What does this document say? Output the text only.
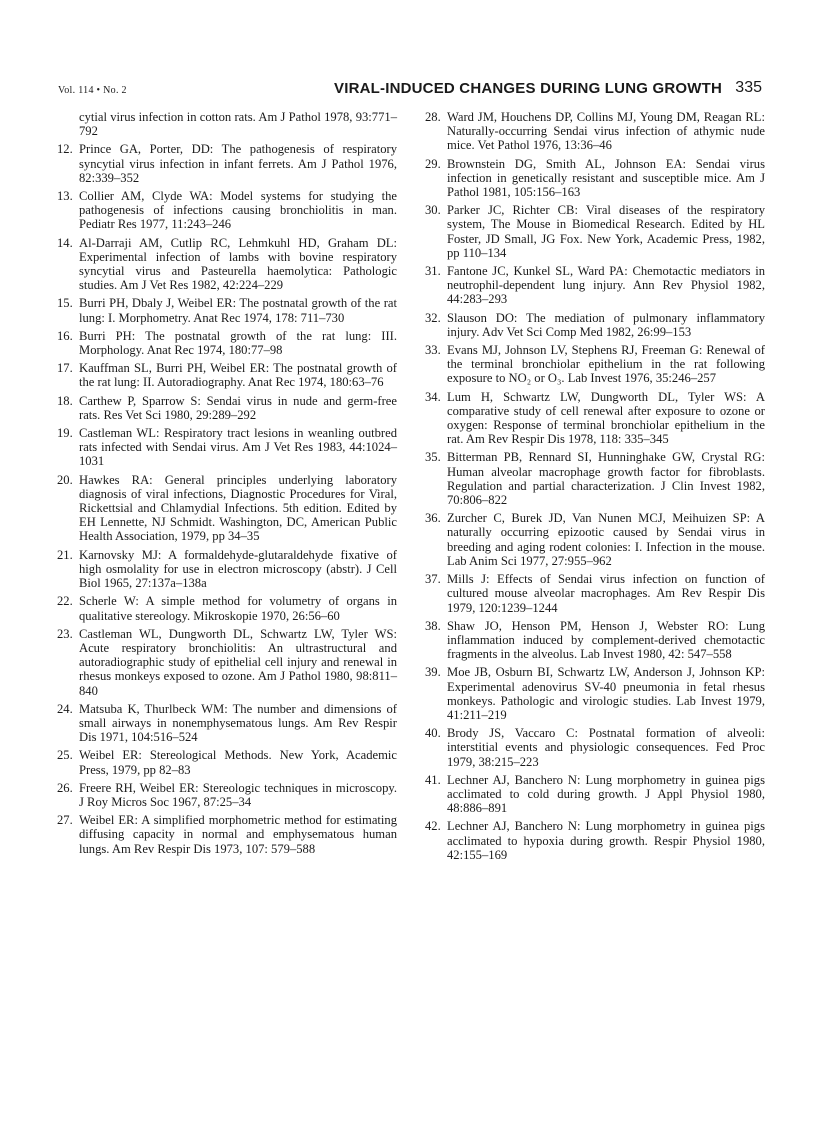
Vol. 114 • No. 2	VIRAL-INDUCED CHANGES DURING LUNG GROWTH 335
cytial virus infection in cotton rats. Am J Pathol 1978, 93:771–792
12. Prince GA, Porter, DD: The pathogenesis of respiratory syncytial virus infection in infant ferrets. Am J Pathol 1976, 82:339–352
13. Collier AM, Clyde WA: Model systems for studying the pathogenesis of infections causing bronchiolitis in man. Pediatr Res 1977, 11:243–246
14. Al-Darraji AM, Cutlip RC, Lehmkuhl HD, Graham DL: Experimental infection of lambs with bovine respiratory syncytial virus and Pasteurella haemolytica: Pathologic studies. Am J Vet Res 1982, 42:224–229
15. Burri PH, Dbaly J, Weibel ER: The postnatal growth of the rat lung: I. Morphometry. Anat Rec 1974, 178: 711–730
16. Burri PH: The postnatal growth of the rat lung: III. Morphology. Anat Rec 1974, 180:77–98
17. Kauffman SL, Burri PH, Weibel ER: The postnatal growth of the rat lung: II. Autoradiography. Anat Rec 1974, 180:63–76
18. Carthew P, Sparrow S: Sendai virus in nude and germ-free rats. Res Vet Sci 1980, 29:289–292
19. Castleman WL: Respiratory tract lesions in weanling outbred rats infected with Sendai virus. Am J Vet Res 1983, 44:1024–1031
20. Hawkes RA: General principles underlying laboratory diagnosis of viral infections, Diagnostic Procedures for Viral, Rickettsial and Chlamydial Infections. 5th edition. Edited by EH Lennette, NJ Schmidt. Washington, DC, American Public Health Association, 1979, pp 34–35
21. Karnovsky MJ: A formaldehyde-glutaraldehyde fixative of high osmolality for use in electron microscopy (abstr). J Cell Biol 1965, 27:137a–138a
22. Scherle W: A simple method for volumetry of organs in qualitative stereology. Mikroskopie 1970, 26:56–60
23. Castleman WL, Dungworth DL, Schwartz LW, Tyler WS: Acute respiratory bronchiolitis: An ultrastructural and autoradiographic study of epithelial cell injury and renewal in rhesus monkeys exposed to ozone. Am J Pathol 1980, 98:811–840
24. Matsuba K, Thurlbeck WM: The number and dimensions of small airways in nonemphysematous lungs. Am Rev Respir Dis 1971, 104:516–524
25. Weibel ER: Stereological Methods. New York, Academic Press, 1979, pp 82–83
26. Freere RH, Weibel ER: Stereologic techniques in microscopy. J Roy Micros Soc 1967, 87:25–34
27. Weibel ER: A simplified morphometric method for estimating diffusing capacity in normal and emphysematous human lungs. Am Rev Respir Dis 1973, 107: 579–588
28. Ward JM, Houchens DP, Collins MJ, Young DM, Reagan RL: Naturally-occurring Sendai virus infection of athymic nude mice. Vet Pathol 1976, 13:36–46
29. Brownstein DG, Smith AL, Johnson EA: Sendai virus infection in genetically resistant and susceptible mice. Am J Pathol 1981, 105:156–163
30. Parker JC, Richter CB: Viral diseases of the respiratory system, The Mouse in Biomedical Research. Edited by HL Foster, JD Small, JG Fox. New York, Academic Press, 1982, pp 110–134
31. Fantone JC, Kunkel SL, Ward PA: Chemotactic mediators in neutrophil-dependent lung injury. Ann Rev Physiol 1982, 44:283–293
32. Slauson DO: The mediation of pulmonary inflammatory injury. Adv Vet Sci Comp Med 1982, 26:99–153
33. Evans MJ, Johnson LV, Stephens RJ, Freeman G: Renewal of the terminal bronchiolar epithelium in the rat following exposure to NO₂ or O₃. Lab Invest 1976, 35:246–257
34. Lum H, Schwartz LW, Dungworth DL, Tyler WS: A comparative study of cell renewal after exposure to ozone or oxygen: Response of terminal bronchiolar epithelium in the rat. Am Rev Respir Dis 1978, 118: 335–345
35. Bitterman PB, Rennard SI, Hunninghake GW, Crystal RG: Human alveolar macrophage growth factor for fibroblasts. Regulation and partial characterization. J Clin Invest 1982, 70:806–822
36. Zurcher C, Burek JD, Van Nunen MCJ, Meihuizen SP: A naturally occurring epizootic caused by Sendai virus in breeding and aging rodent colonies: I. Infection in the mouse. Lab Anim Sci 1977, 27:955–962
37. Mills J: Effects of Sendai virus infection on function of cultured mouse alveolar macrophages. Am Rev Respir Dis 1979, 120:1239–1244
38. Shaw JO, Henson PM, Henson J, Webster RO: Lung inflammation induced by complement-derived chemotactic fragments in the alveolus. Lab Invest 1980, 42: 547–558
39. Moe JB, Osburn BI, Schwartz LW, Anderson J, Johnson KP: Experimental adenovirus SV-40 pneumonia in fetal rhesus monkeys. Pathologic and virologic studies. Lab Invest 1979, 41:211–219
40. Brody JS, Vaccaro C: Postnatal formation of alveoli: interstitial events and physiologic consequences. Fed Proc 1979, 38:215–223
41. Lechner AJ, Banchero N: Lung morphometry in guinea pigs acclimated to cold during growth. J Appl Physiol 1980, 48:886–891
42. Lechner AJ, Banchero N: Lung morphometry in guinea pigs acclimated to hypoxia during growth. Respir Physiol 1980, 42:155–169
